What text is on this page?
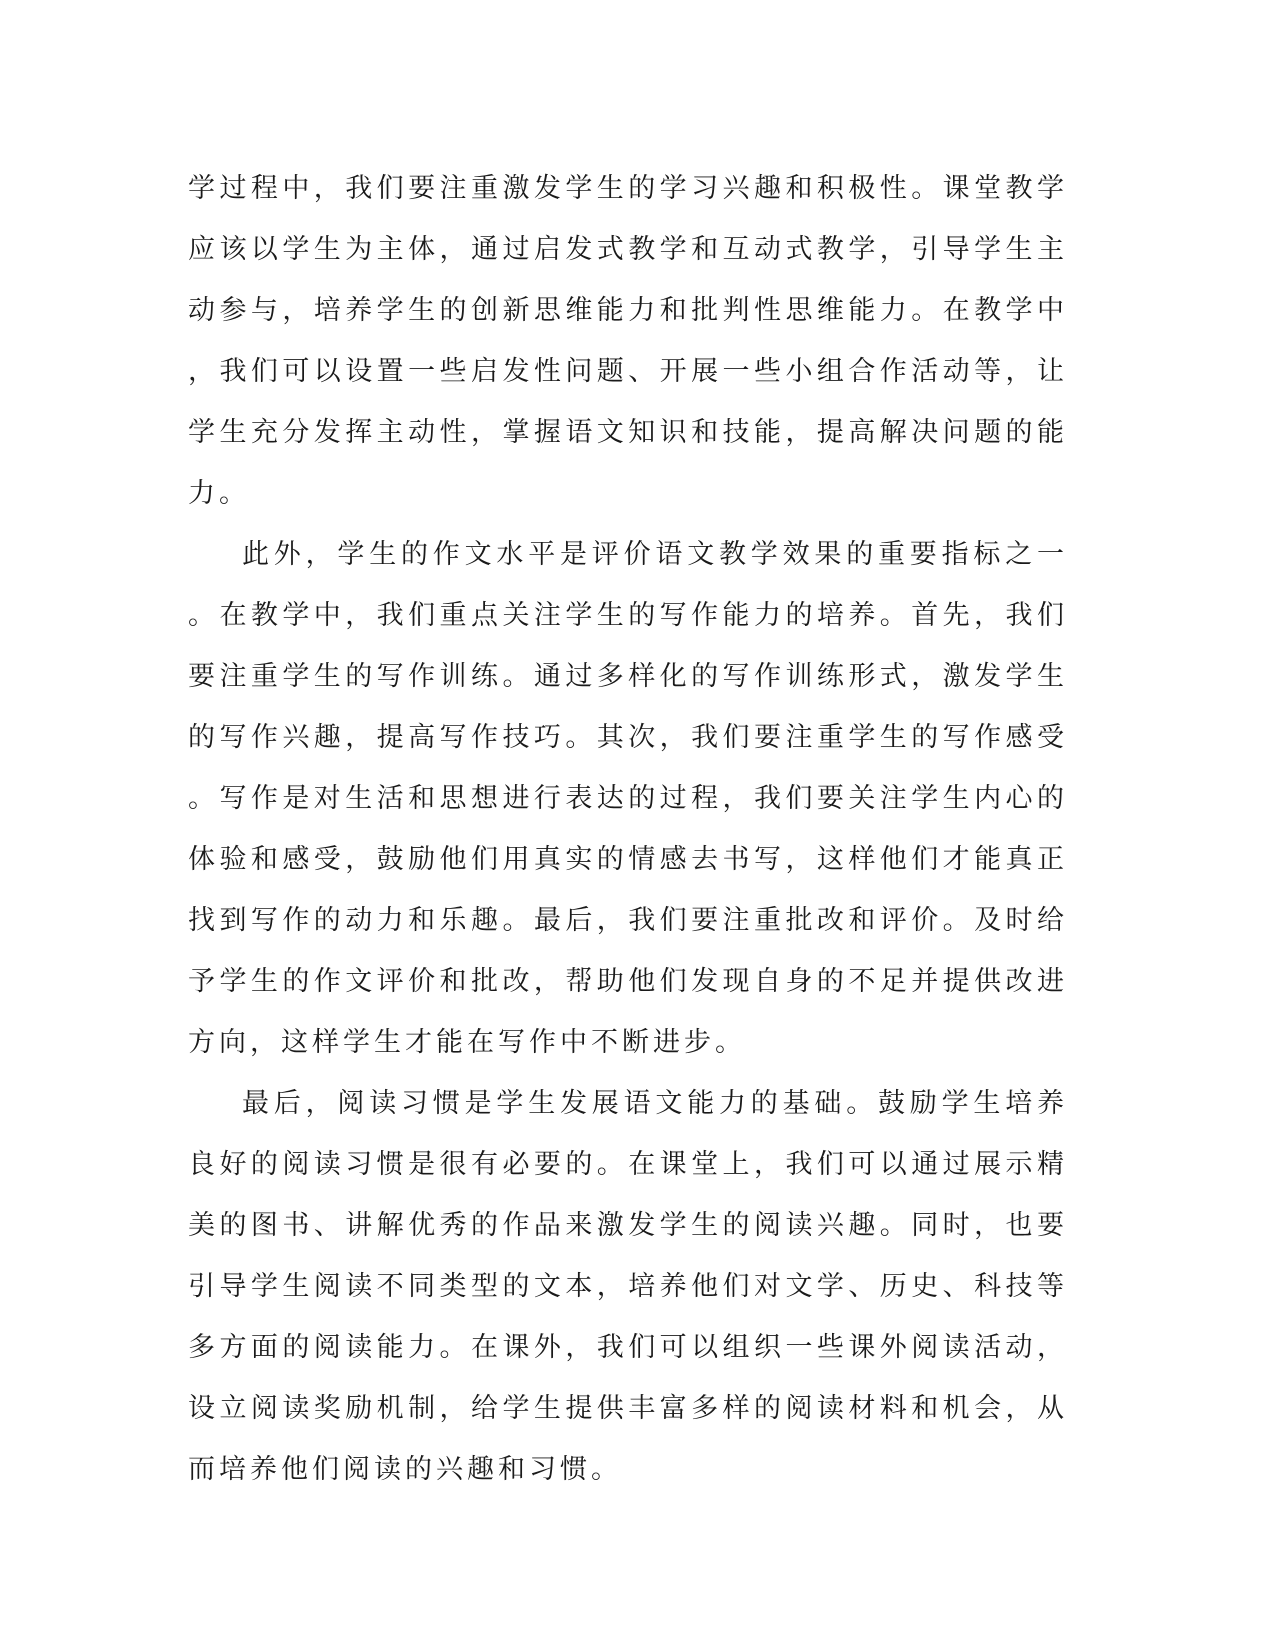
学过程中，我们要注重激发学生的学习兴趣和积极性。课堂教学应该以学生为主体，通过启发式教学和互动式教学，引导学生主动参与，培养学生的创新思维能力和批判性思维能力。在教学中，我们可以设置一些启发性问题、开展一些小组合作活动等，让学生充分发挥主动性，掌握语文知识和技能，提高解决问题的能力。

此外，学生的作文水平是评价语文教学效果的重要指标之一。在教学中，我们重点关注学生的写作能力的培养。首先，我们要注重学生的写作训练。通过多样化的写作训练形式，激发学生的写作兴趣，提高写作技巧。其次，我们要注重学生的写作感受。写作是对生活和思想进行表达的过程，我们要关注学生内心的体验和感受，鼓励他们用真实的情感去书写，这样他们才能真正找到写作的动力和乐趣。最后，我们要注重批改和评价。及时给予学生的作文评价和批改，帮助他们发现自身的不足并提供改进方向，这样学生才能在写作中不断进步。

最后，阅读习惯是学生发展语文能力的基础。鼓励学生培养良好的阅读习惯是很有必要的。在课堂上，我们可以通过展示精美的图书、讲解优秀的作品来激发学生的阅读兴趣。同时，也要引导学生阅读不同类型的文本，培养他们对文学、历史、科技等多方面的阅读能力。在课外，我们可以组织一些课外阅读活动，设立阅读奖励机制，给学生提供丰富多样的阅读材料和机会，从而培养他们阅读的兴趣和习惯。
